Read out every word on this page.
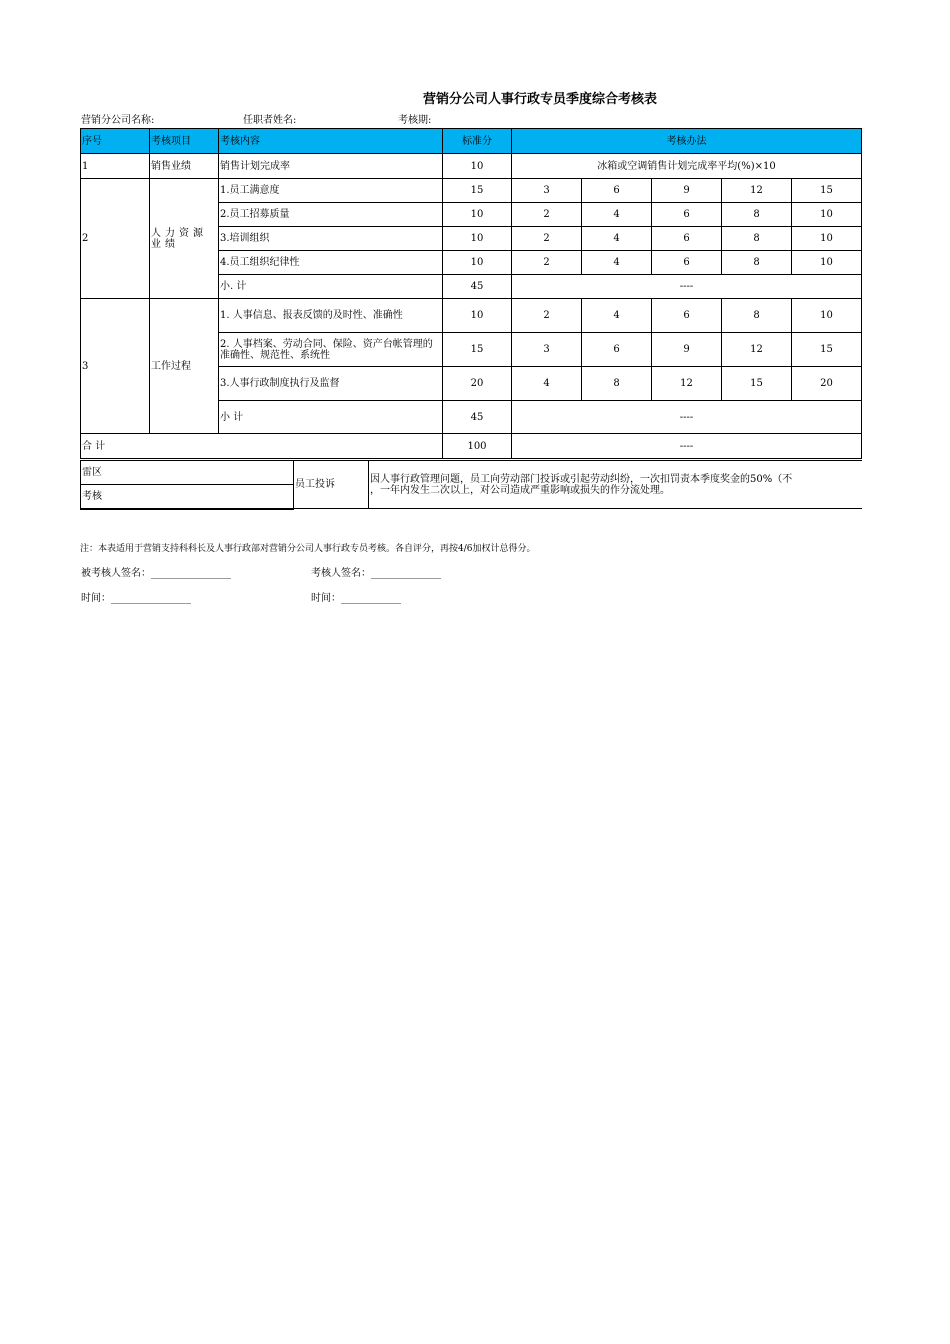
营销分公司人事行政专员季度综合考核表
营销分公司名称:	任职者姓名:	考核期:
序号	考核项目	考核内容	标准分	考核办法				
1	销售业绩	销售计划完成率	10	冰箱或空调销售计划完成率平均(%)×10				
2	人力资源业绩	1.员工满意度	15	3	6	9	12	15
		2.员工招募质量	10	2	4	6	8	10
		3.培训组织	10	2	4	6	8	10
		4.员工组织纪律性	10	2	4	6	8	10
		小. 计	45	----				
3	工作过程	1. 人事信息、报表反馈的及时性、准确性	10	2	4	6	8	10
		2. 人事档案、劳动合同、保险、资产台帐管理的准确性、规范性、系统性	15	3	6	9	12	15
		3.人事行政制度执行及监督	20	4	8	12	15	20
		小 计	45	----				
合 计			100	----				
雷区	员工投诉	因人事行政管理问题，员工向劳动部门投诉或引起劳动纠纷，一次扣罚责本季度奖金的50%（不
，一年内发生二次以上，对公司造成严重影响或损失的作分流处理。

考核
注：本表适用于营销支持科科长及人事行政部对营销分公司人事行政专员考核。各自评分，再按4/6加权计总得分。
被考核人签名：________________	考核人签名：______________
时间：________________	时间：____________
